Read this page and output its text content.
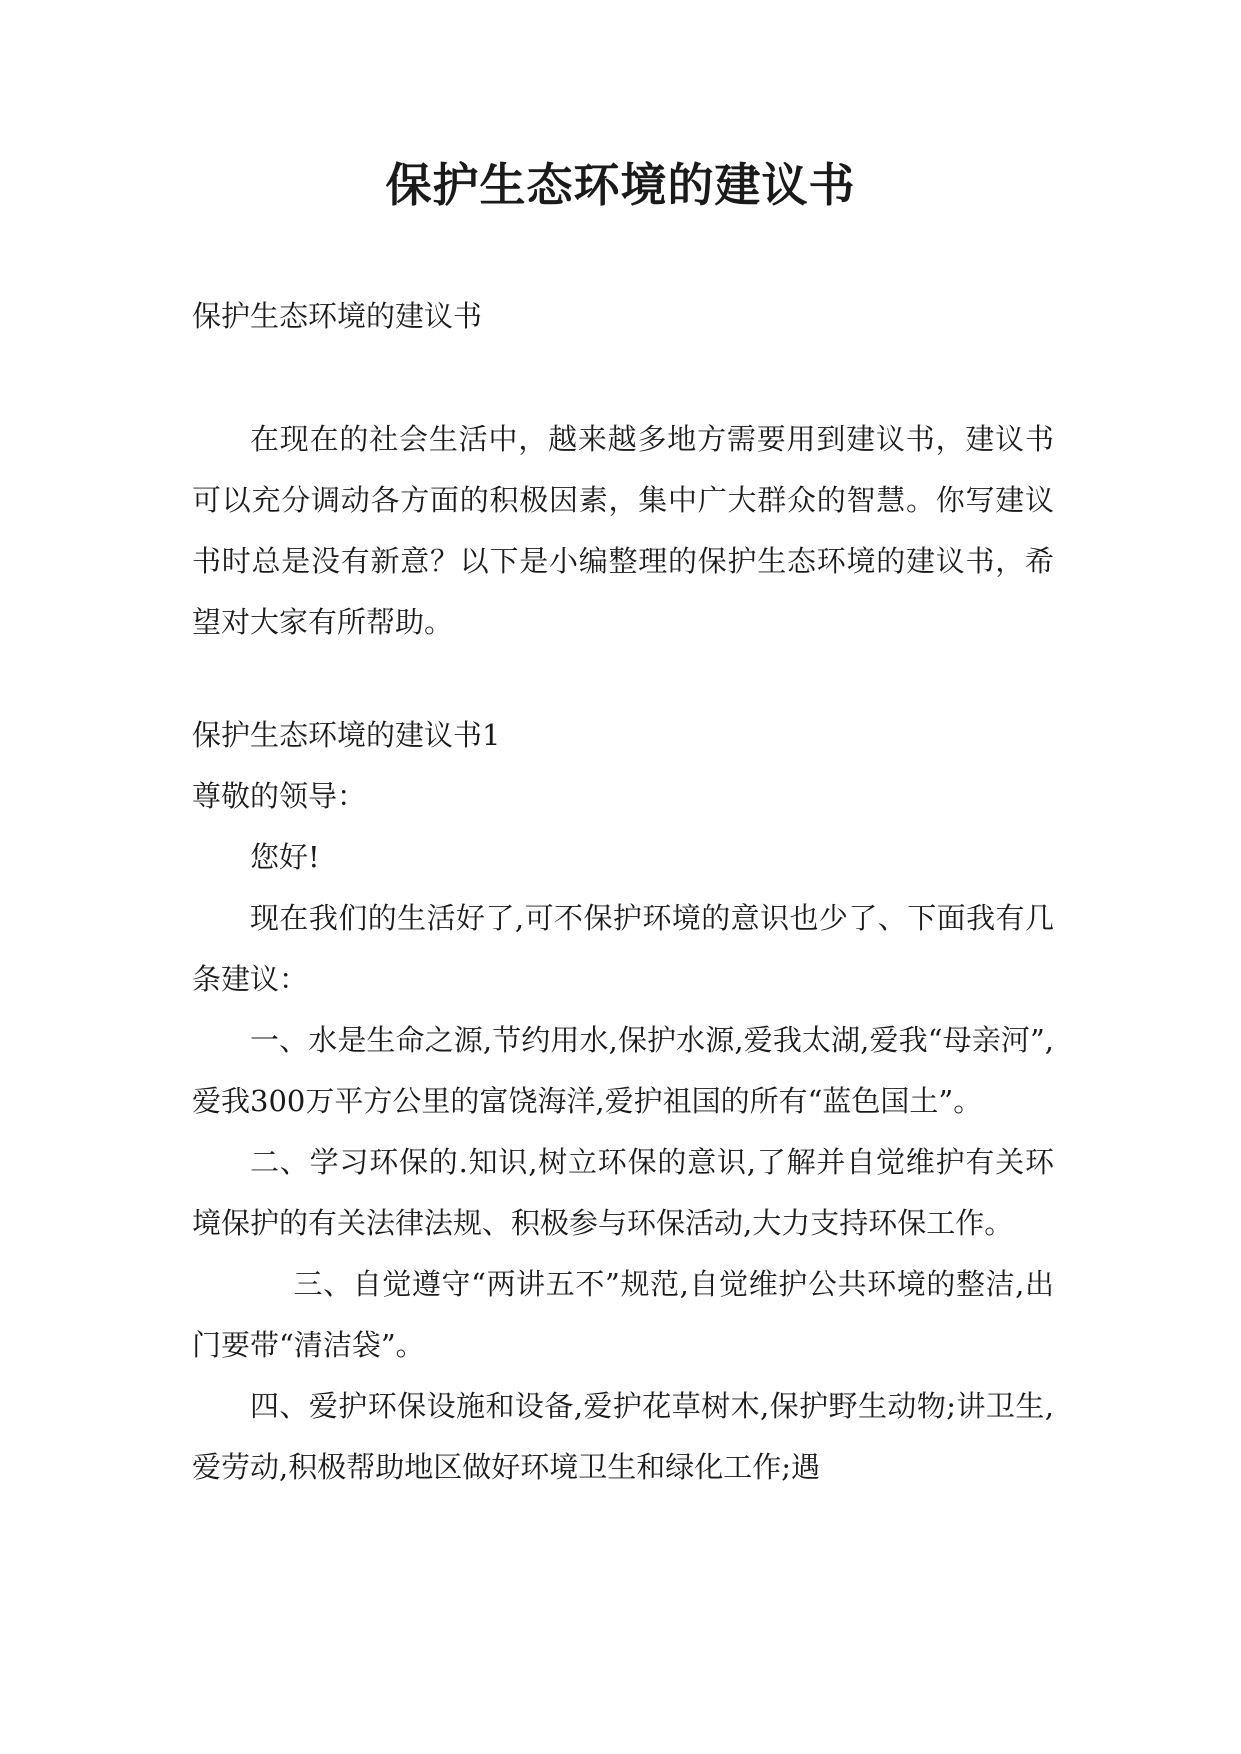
保护生态环境的建议书

保护生态环境的建议书

在现在的社会生活中，越来越多地方需要用到建议书，建议书可以充分调动各方面的积极因素，集中广大群众的智慧。你写建议书时总是没有新意？以下是小编整理的保护生态环境的建议书，希望对大家有所帮助。

保护生态环境的建议书1

尊敬的领导：

您好!

现在我们的生活好了,可不保护环境的意识也少了、下面我有几条建议：

一、水是生命之源,节约用水,保护水源,爱我太湖,爱我“母亲河”,爱我300万平方公里的富饶海洋,爱护祖国的所有“蓝色国土”。

二、学习环保的.知识,树立环保的意识,了解并自觉维护有关环境保护的有关法律法规、积极参与环保活动,大力支持环保工作。

三、自觉遵守“两讲五不”规范,自觉维护公共环境的整洁,出门要带“清洁袋”。

四、爱护环保设施和设备,爱护花草树木,保护野生动物;讲卫生,爱劳动,积极帮助地区做好环境卫生和绿化工作;遇
